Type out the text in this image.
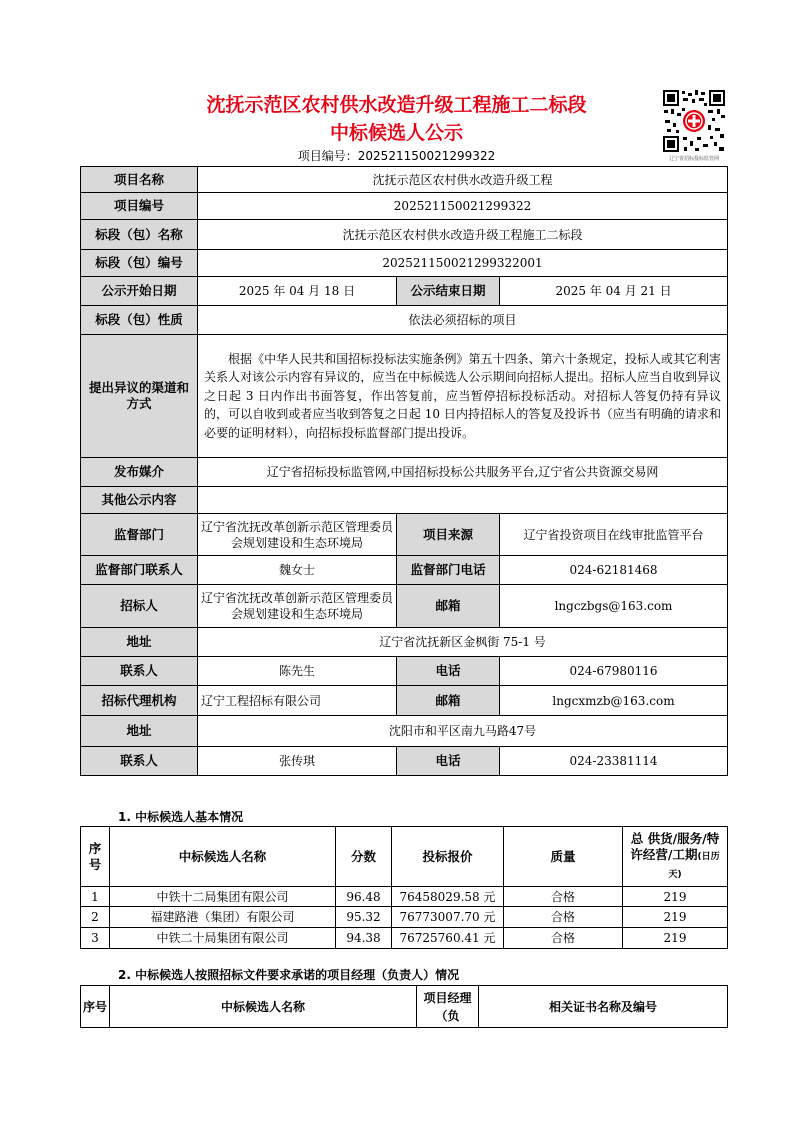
沈抚示范区农村供水改造升级工程施工二标段
中标候选人公示
项目编号：202521150021299322	辽宁省招标投标监管网
项目名称	沈抚示范区农村供水改造升级工程		
项目编号	202521150021299322		
标段（包）名称	沈抚示范区农村供水改造升级工程施工二标段		
标段（包）编号	202521150021299322001		
公示开始日期	2025 年 04 月 18 日	公示结束日期	2025 年 04 月 21 日
标段（包）性质	依法必须招标的项目		
提出异议的渠道和方式	根据《中华人民共和国招标投标法实施条例》第五十四条、第六十条规定，投标人或其它利害关系人对该公示内容有异议的，应当在中标候选人公示期间向招标人提出。招标人应当自收到异议之日起 3 日内作出书面答复，作出答复前，应当暂停招标投标活动。对招标人答复仍持有异议的，可以自收到或者应当收到答复之日起 10 日内持招标人的答复及投诉书（应当有明确的请求和必要的证明材料），向招标投标监督部门提出投诉。		
发布媒介	辽宁省招标投标监管网,中国招标投标公共服务平台,辽宁省公共资源交易网		
其他公示内容			
监督部门	辽宁省沈抚改革创新示范区管理委员会规划建设和生态环境局	项目来源	辽宁省投资项目在线审批监管平台
监督部门联系人	魏女士	监督部门电话	024-62181468
招标人	辽宁省沈抚改革创新示范区管理委员会规划建设和生态环境局	邮箱	lngczbgs@163.com
地址	辽宁省沈抚新区金枫街 75-1 号		
联系人	陈先生	电话	024-67980116
招标代理机构	辽宁工程招标有限公司	邮箱	lngcxmzb@163.com
地址	沈阳市和平区南九马路47号		
联系人	张传琪	电话	024-23381114
1. 中标候选人基本情况
序号	中标候选人名称	分数	投标报价	质量	总 供货/服务/特许经营/工期(日历天)
1	中铁十二局集团有限公司	96.48	76458029.58 元	合格	219
2	福建路港（集团）有限公司	95.32	76773007.70 元	合格	219
3	中铁二十局集团有限公司	94.38	76725760.41 元	合格	219
2. 中标候选人按照招标文件要求承诺的项目经理（负责人）情况
序号	中标候选人名称	项目经理（负	相关证书名称及编号
